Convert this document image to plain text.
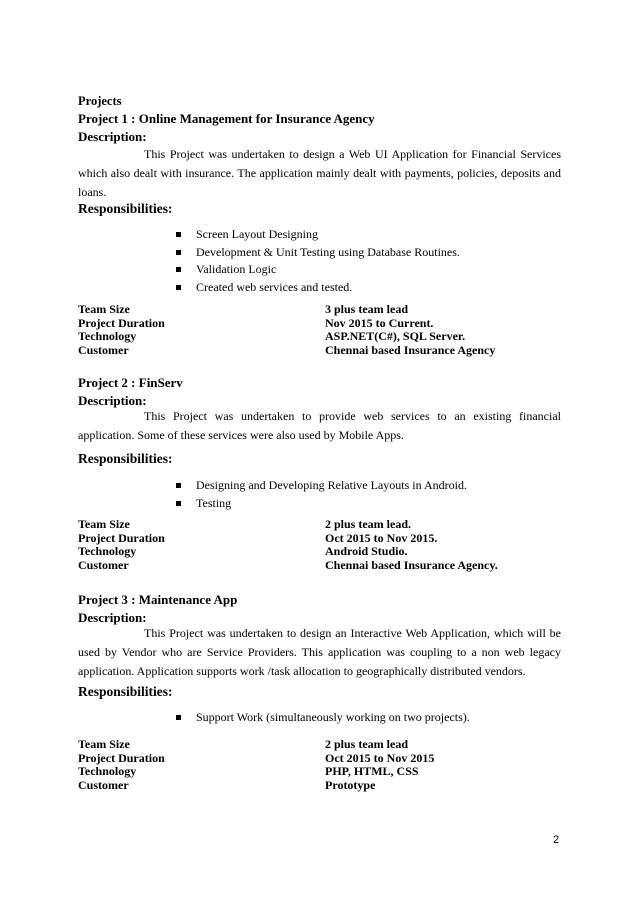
Projects
Project 1 : Online Management for Insurance Agency
Description:
This Project was undertaken to design a Web UI Application for Financial Services which also dealt with insurance. The application mainly dealt with payments, policies, deposits and loans.
Responsibilities:
Screen Layout Designing
Development & Unit Testing using Database Routines.
Validation Logic
Created web services and tested.
Team Size	3 plus team lead
Project Duration	Nov 2015 to Current.
Technology	ASP.NET(C#), SQL Server.
Customer	Chennai based Insurance Agency
Project 2 : FinServ
Description:
This Project was undertaken to provide web services to an existing financial application. Some of these services were also used by Mobile Apps.
Responsibilities:
Designing and Developing Relative Layouts in Android.
Testing
Team Size	2 plus team lead.
Project Duration	Oct 2015 to Nov 2015.
Technology	Android Studio.
Customer	Chennai based Insurance Agency.
Project 3 : Maintenance App
Description:
This Project was undertaken to design an Interactive Web Application, which will be used by Vendor who are Service Providers. This application was coupling to a non web legacy application. Application supports work /task allocation to geographically distributed vendors.
Responsibilities:
Support Work (simultaneously working on two projects).
Team Size	2 plus team lead
Project Duration	Oct 2015 to Nov 2015
Technology	PHP, HTML, CSS
Customer	Prototype
2
